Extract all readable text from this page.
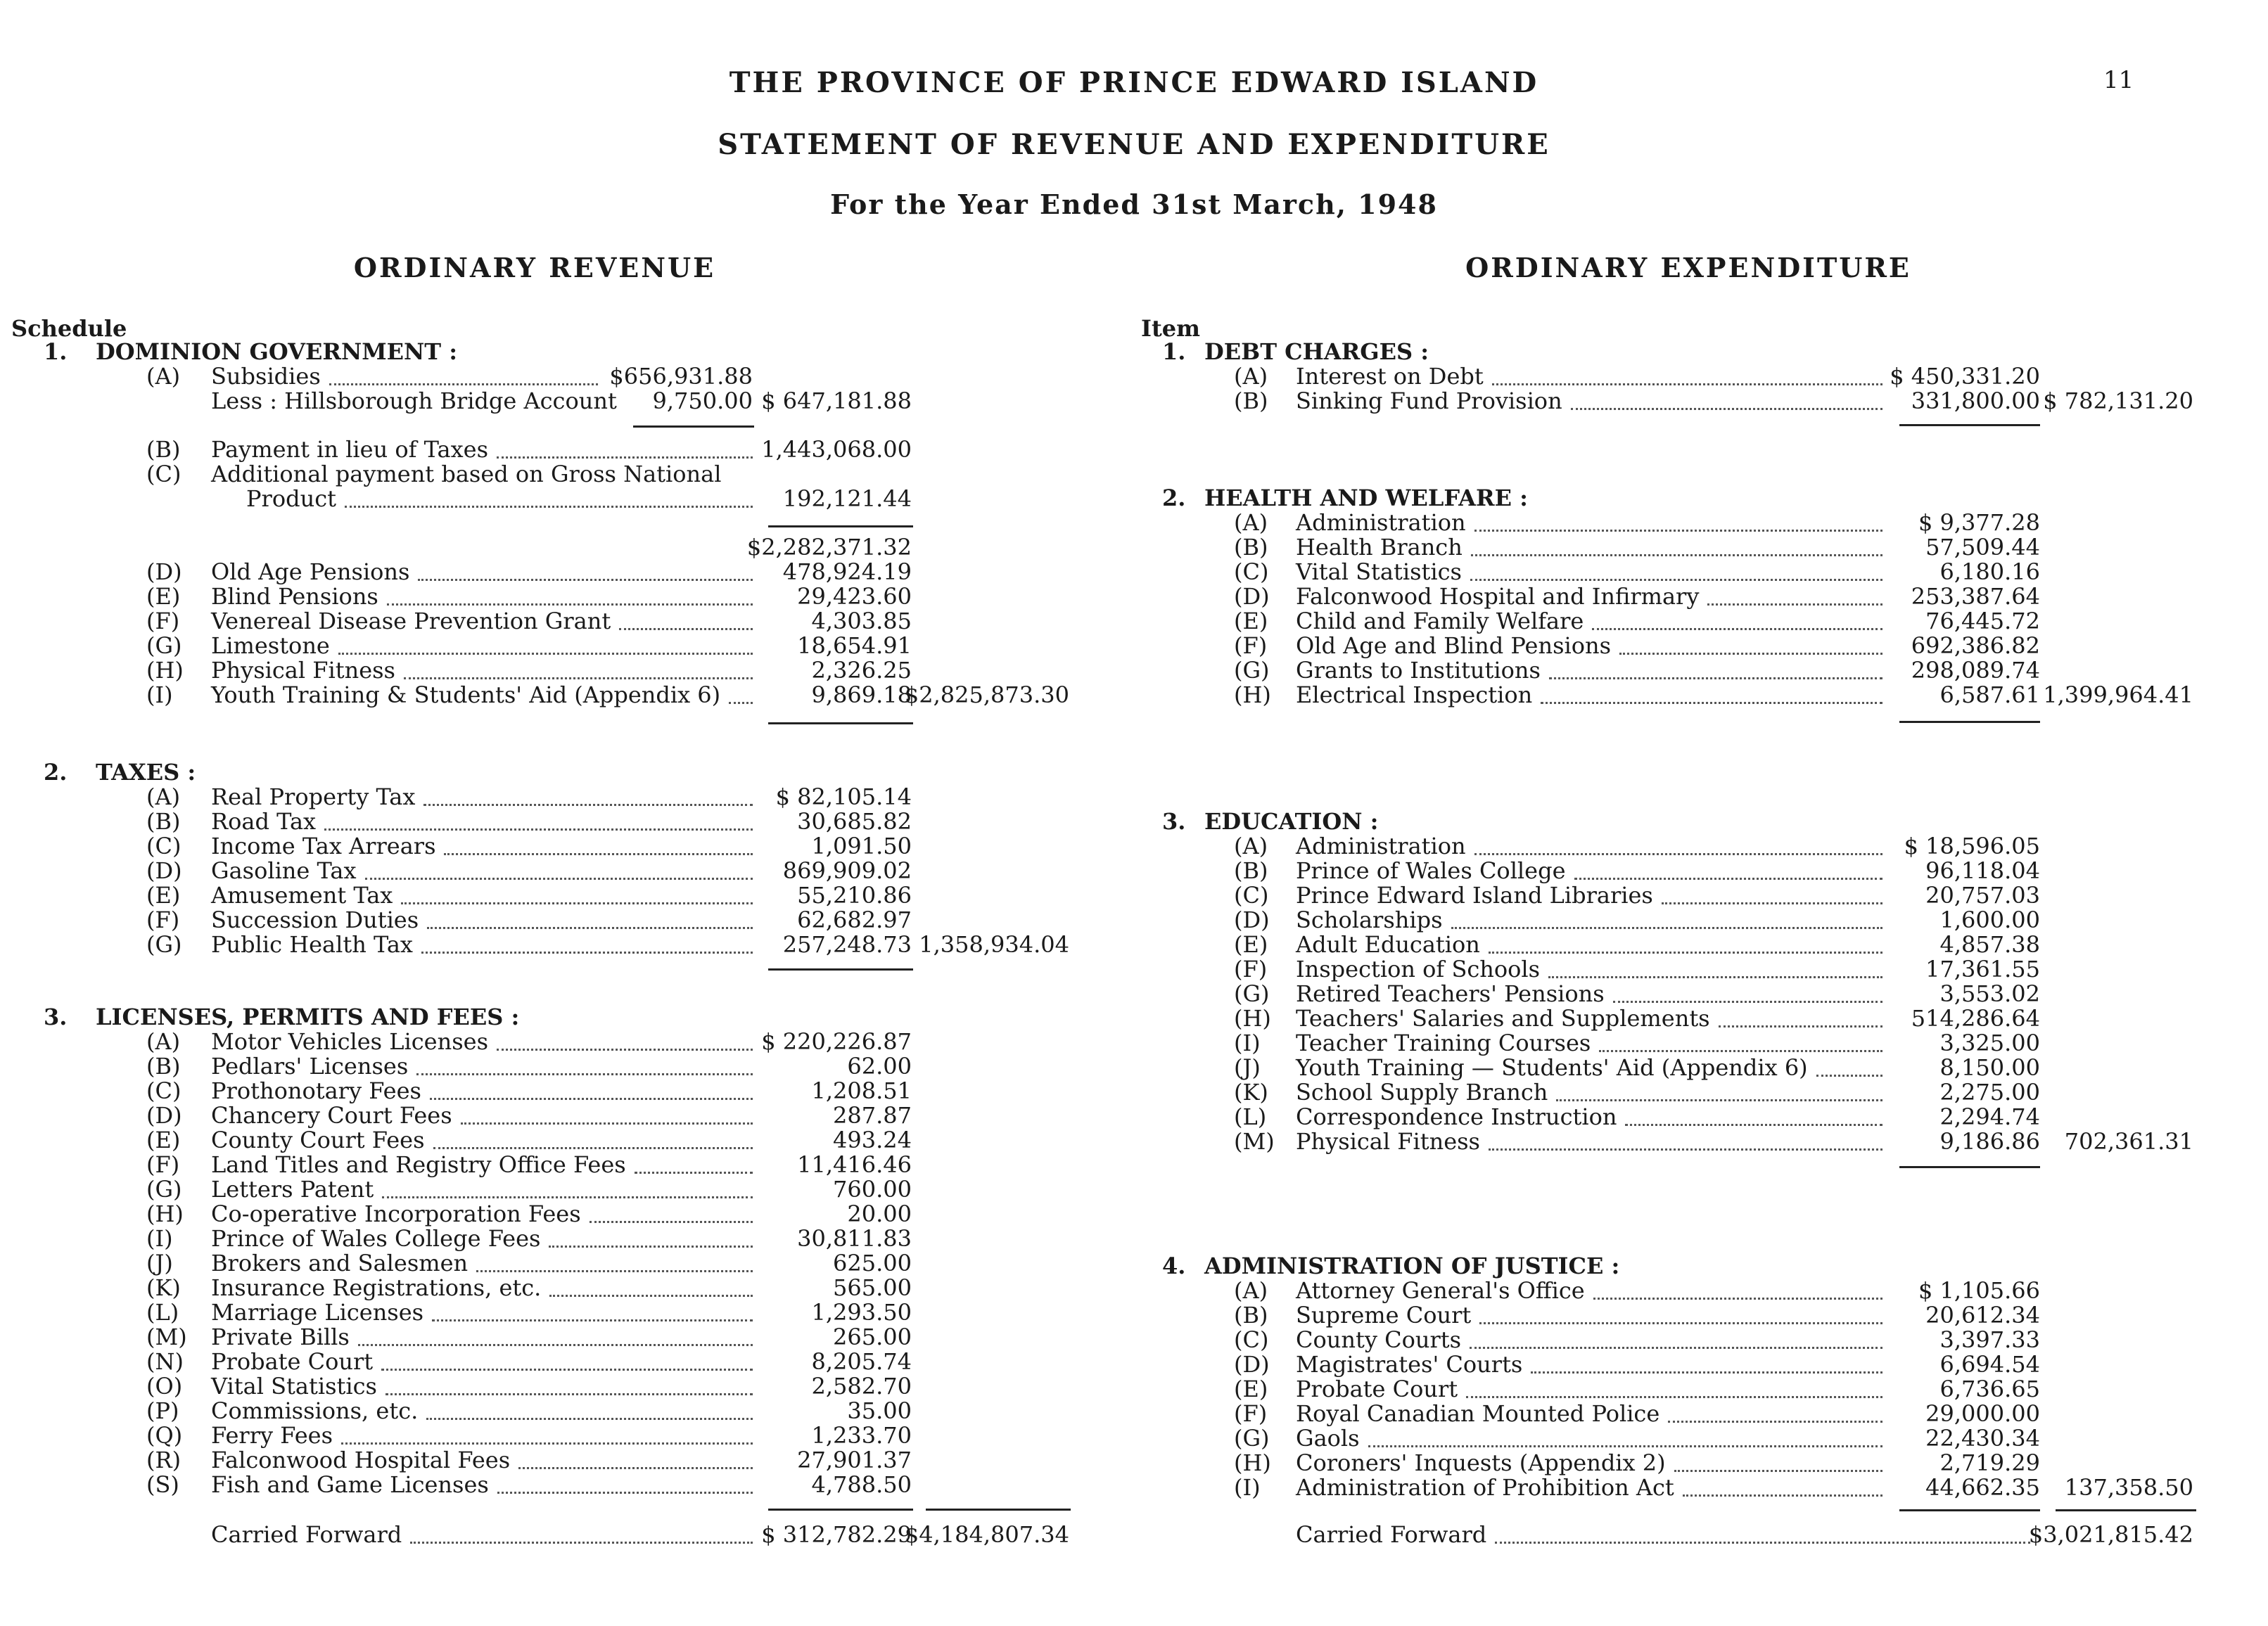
THE PROVINCE OF PRINCE EDWARD ISLAND
STATEMENT OF REVENUE AND EXPENDITURE
For the Year Ended 31st March, 1948
11
ORDINARY REVENUE	ORDINARY EXPENDITURE
Schedule	Item
1. DOMINION GOVERNMENT :
(A) Subsidies	$656,931.88
Less : Hillsborough Bridge Account	9,750.00 $ 647,181.88
(B) Payment in lieu of Taxes	1,443,068.00
(C) Additional payment based on Gross National
Product	192,121.44
$2,282,371.32
(D) Old Age Pensions	478,924.19
(E) Blind Pensions	29,423.60
(F) Venereal Disease Prevention Grant	4,303.85
(G) Limestone	18,654.91
(H) Physical Fitness	2,326.25
(I) Youth Training & Students' Aid (Appendix 6)	9,869.18
$2,825,873.30
2. TAXES :
(A) Real Property Tax	$ 82,105.14
(B) Road Tax	30,685.82
(C) Income Tax Arrears	1,091.50
(D) Gasoline Tax	869,909.02
(E) Amusement Tax	55,210.86
(F) Succession Duties	62,682.97
(G) Public Health Tax	257,248.73 1,358,934.04
3. LICENSES, PERMITS AND FEES :
(A) Motor Vehicles Licenses	$ 220,226.87
(B) Pedlars' Licenses	62.00
(C) Prothonotary Fees	1,208.51
(D) Chancery Court Fees	287.87
(E) County Court Fees	493.24
(F) Land Titles and Registry Office Fees	11,416.46
(G) Letters Patent	760.00
(H) Co-operative Incorporation Fees	20.00
(I) Prince of Wales College Fees	30,811.83
(J) Brokers and Salesmen	625.00
(K) Insurance Registrations, etc.	565.00
(L) Marriage Licenses	1,293.50
(M) Private Bills	265.00
(N) Probate Court	8,205.74
(O) Vital Statistics	2,582.70
(P) Commissions, etc.	35.00
(Q) Ferry Fees	1,233.70
(R) Falconwood Hospital Fees	27,901.37
(S) Fish and Game Licenses	4,788.50
Carried Forward	$ 312,782.29
$4,184,807.34
1. DEBT CHARGES :
(A) Interest on Debt	$ 450,331.20
(B) Sinking Fund Provision	331,800.00 $ 782,131.20
2. HEALTH AND WELFARE :
(A) Administration	$ 9,377.28
(B) Health Branch	57,509.44
(C) Vital Statistics	6,180.16
(D) Falconwood Hospital and Infirmary	253,387.64
(E) Child and Family Welfare	76,445.72
(F) Old Age and Blind Pensions	692,386.82
(G) Grants to Institutions	298,089.74
(H) Electrical Inspection	6,587.61 1,399,964.41
3. EDUCATION :
(A) Administration	$ 18,596.05
(B) Prince of Wales College	96,118.04
(C) Prince Edward Island Libraries	20,757.03
(D) Scholarships	1,600.00
(E) Adult Education	4,857.38
(F) Inspection of Schools	17,361.55
(G) Retired Teachers' Pensions	3,553.02
(H) Teachers' Salaries and Supplements	514,286.64
(I) Teacher Training Courses	3,325.00
(J) Youth Training — Students' Aid (Appendix 6)	8,150.00
(K) School Supply Branch	2,275.00
(L) Correspondence Instruction	2,294.74
(M) Physical Fitness	9,186.86	702,361.31
4. ADMINISTRATION OF JUSTICE :
(A) Attorney General's Office	$ 1,105.66
(B) Supreme Court	20,612.34
(C) County Courts	3,397.33
(D) Magistrates' Courts	6,694.54
(E) Probate Court	6,736.65
(F) Royal Canadian Mounted Police	29,000.00
(G) Gaols	22,430.34
(H) Coroners' Inquests (Appendix 2)	2,719.29
(I) Administration of Prohibition Act	44,662.35	137,358.50
Carried Forward	$3,021,815.42
